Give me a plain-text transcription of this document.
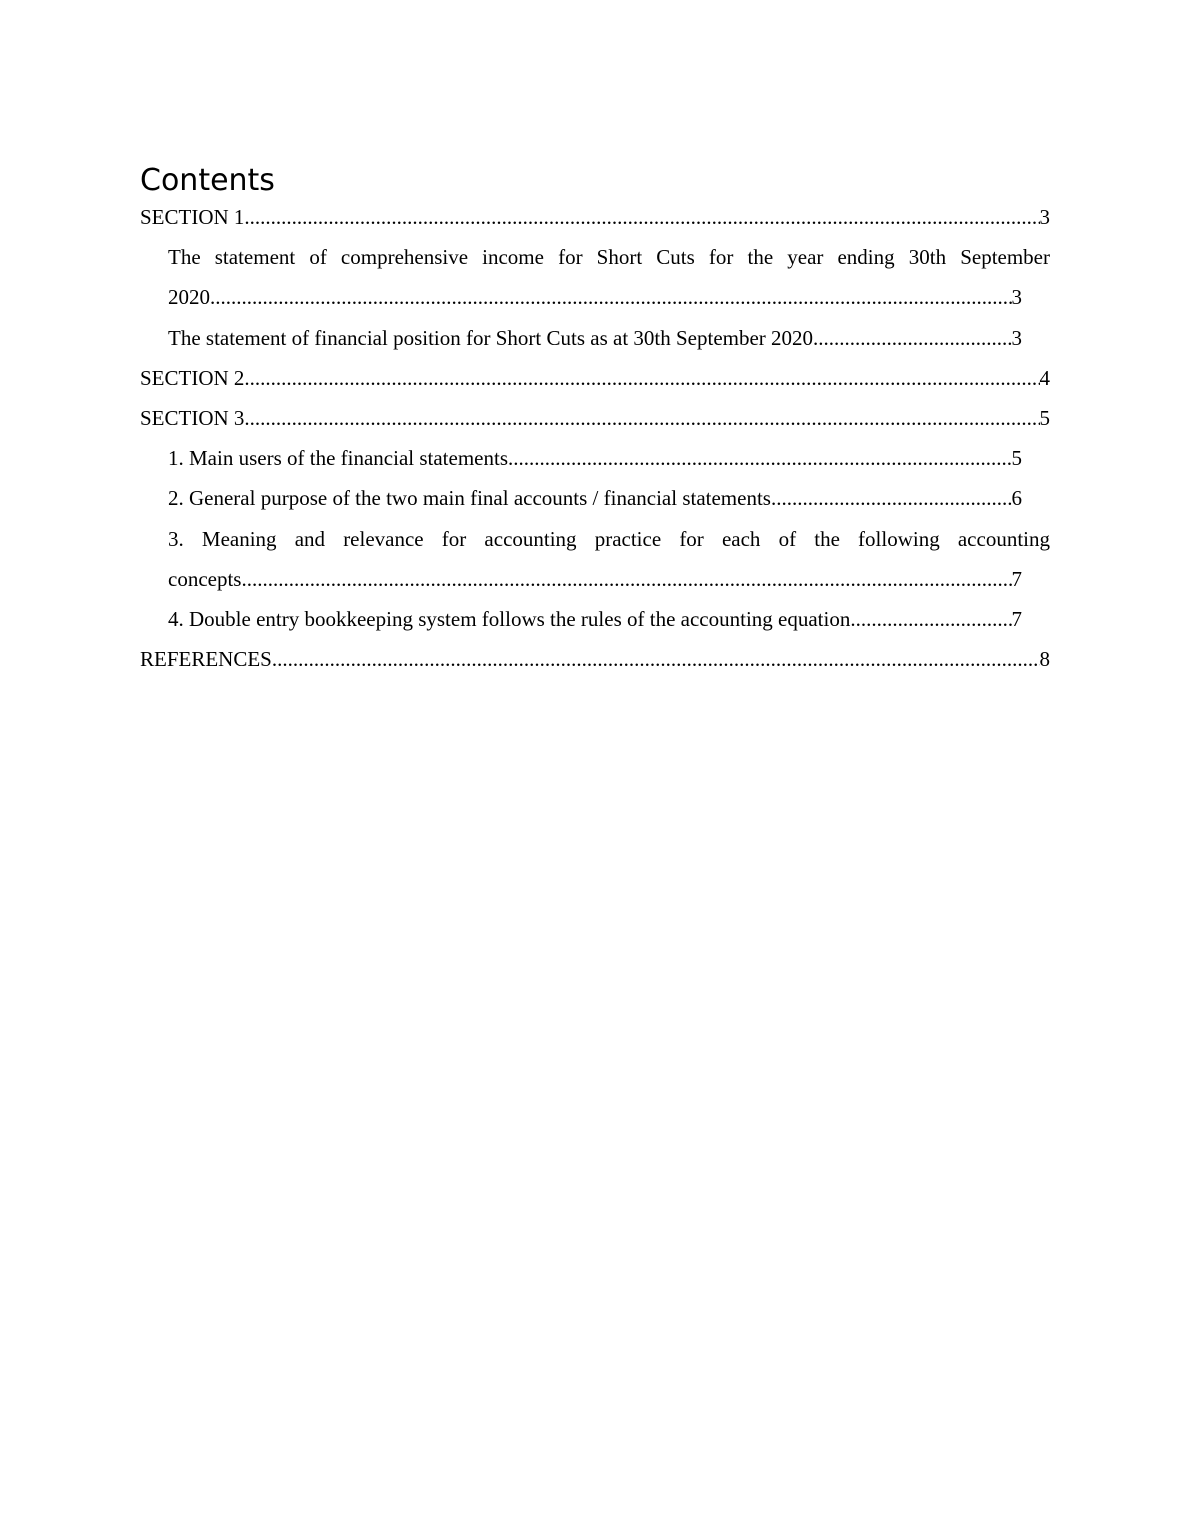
Contents
SECTION 1 .....	3
The statement of comprehensive income for Short Cuts for the year ending 30th September
2020 .....	3
The statement of financial position for Short Cuts as at 30th September 2020 .....	3
SECTION 2 .....	4
SECTION 3 .....	5
1. Main users of the financial statements .....	5
2. General purpose of the two main final accounts / financial statements .....	6
3. Meaning and relevance for accounting practice for each of the following accounting
concepts .....	7
4. Double entry bookkeeping system follows the rules of the accounting equation .....	7
REFERENCES .....	8
